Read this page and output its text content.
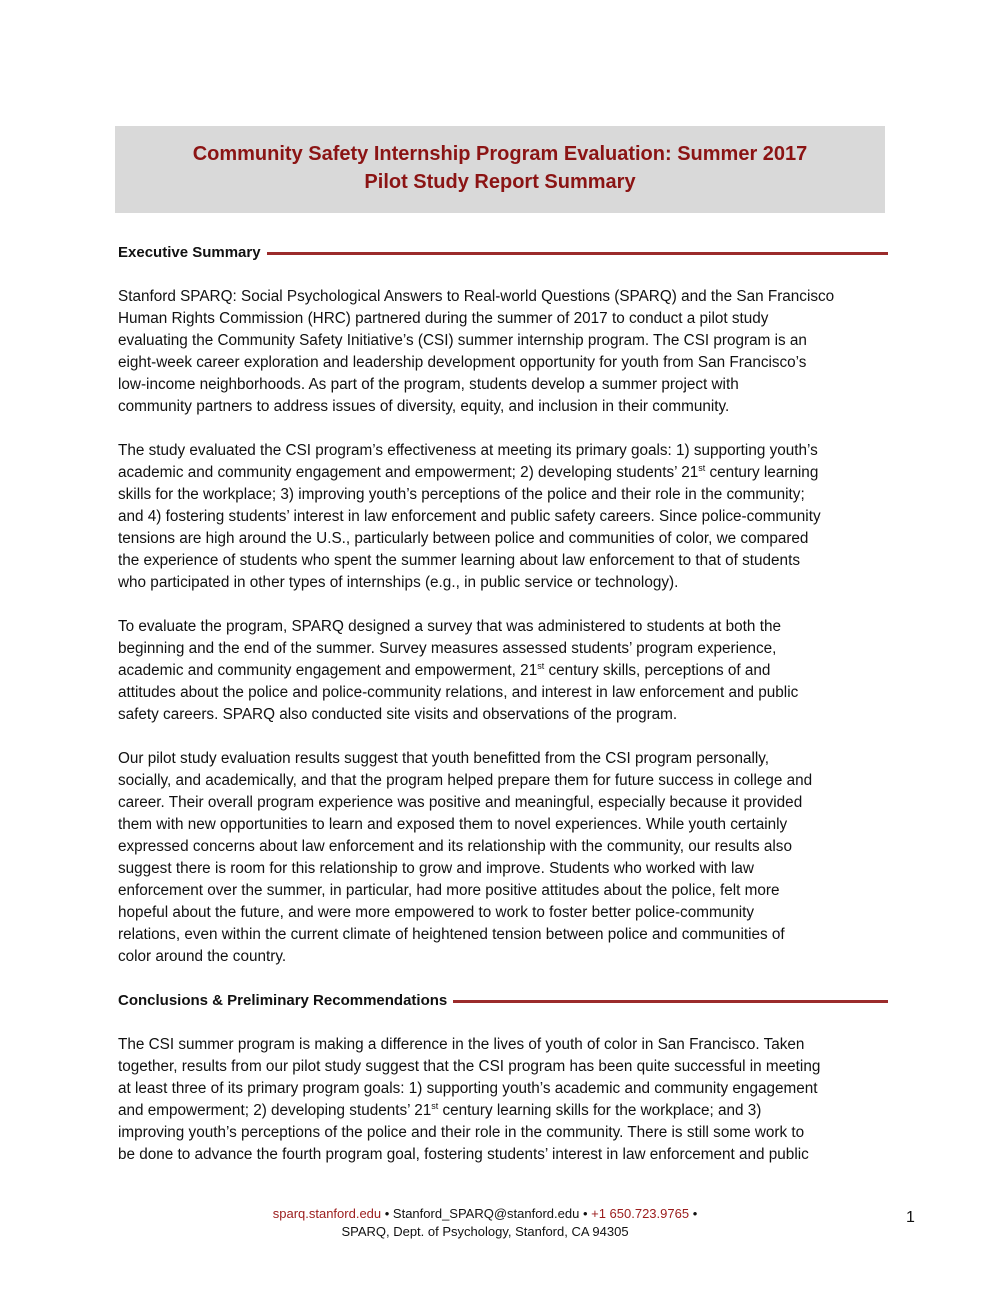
Community Safety Internship Program Evaluation: Summer 2017
Pilot Study Report Summary
Executive Summary
Stanford SPARQ: Social Psychological Answers to Real-world Questions (SPARQ) and the San Francisco
Human Rights Commission (HRC) partnered during the summer of 2017 to conduct a pilot study
evaluating the Community Safety Initiative’s (CSI) summer internship program. The CSI program is an
eight-week career exploration and leadership development opportunity for youth from San Francisco’s
low-income neighborhoods. As part of the program, students develop a summer project with
community partners to address issues of diversity, equity, and inclusion in their community.
The study evaluated the CSI program’s effectiveness at meeting its primary goals: 1) supporting youth’s
academic and community engagement and empowerment; 2) developing students’ 21st century learning
skills for the workplace; 3) improving youth’s perceptions of the police and their role in the community;
and 4) fostering students’ interest in law enforcement and public safety careers. Since police-community
tensions are high around the U.S., particularly between police and communities of color, we compared
the experience of students who spent the summer learning about law enforcement to that of students
who participated in other types of internships (e.g., in public service or technology).
To evaluate the program, SPARQ designed a survey that was administered to students at both the
beginning and the end of the summer. Survey measures assessed students’ program experience,
academic and community engagement and empowerment, 21st century skills, perceptions of and
attitudes about the police and police-community relations, and interest in law enforcement and public
safety careers. SPARQ also conducted site visits and observations of the program.
Our pilot study evaluation results suggest that youth benefitted from the CSI program personally,
socially, and academically, and that the program helped prepare them for future success in college and
career. Their overall program experience was positive and meaningful, especially because it provided
them with new opportunities to learn and exposed them to novel experiences. While youth certainly
expressed concerns about law enforcement and its relationship with the community, our results also
suggest there is room for this relationship to grow and improve. Students who worked with law
enforcement over the summer, in particular, had more positive attitudes about the police, felt more
hopeful about the future, and were more empowered to work to foster better police-community
relations, even within the current climate of heightened tension between police and communities of
color around the country.
Conclusions & Preliminary Recommendations
The CSI summer program is making a difference in the lives of youth of color in San Francisco. Taken
together, results from our pilot study suggest that the CSI program has been quite successful in meeting
at least three of its primary program goals: 1) supporting youth’s academic and community engagement
and empowerment; 2) developing students’ 21st century learning skills for the workplace; and 3)
improving youth’s perceptions of the police and their role in the community. There is still some work to
be done to advance the fourth program goal, fostering students’ interest in law enforcement and public
sparq.stanford.edu • Stanford_SPARQ@stanford.edu • +1 650.723.9765 •
SPARQ, Dept. of Psychology, Stanford, CA 94305
1
